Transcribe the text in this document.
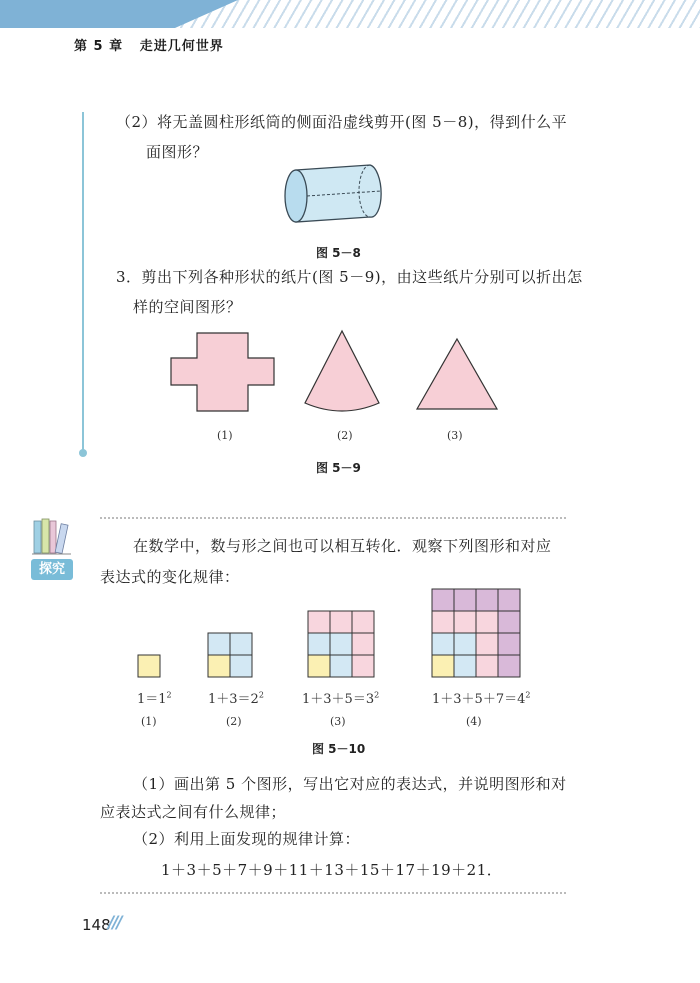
第 5 章 走进几何世界
（2）将无盖圆柱形纸筒的侧面沿虚线剪开(图 5－8)，得到什么平
面图形？
图 5－8
3．剪出下列各种形状的纸片(图 5－9)，由这些纸片分别可以折出怎
样的空间图形？
(1)	(2)	(3)
图 5－9
探究
在数学中，数与形之间也可以相互转化．观察下列图形和对应
表达式的变化规律：
$1=1^2$	$1+3=2^2$	$1+3+5=3^2$	$1+3+5+7=4^2$
(1)	(2)	(3)	(4)
图 5－10
（1）画出第 5 个图形，写出它对应的表达式，并说明图形和对
应表达式之间有什么规律；
（2）利用上面发现的规律计算：
1＋3＋5＋7＋9＋11＋13＋15＋17＋19＋21．
148
///
